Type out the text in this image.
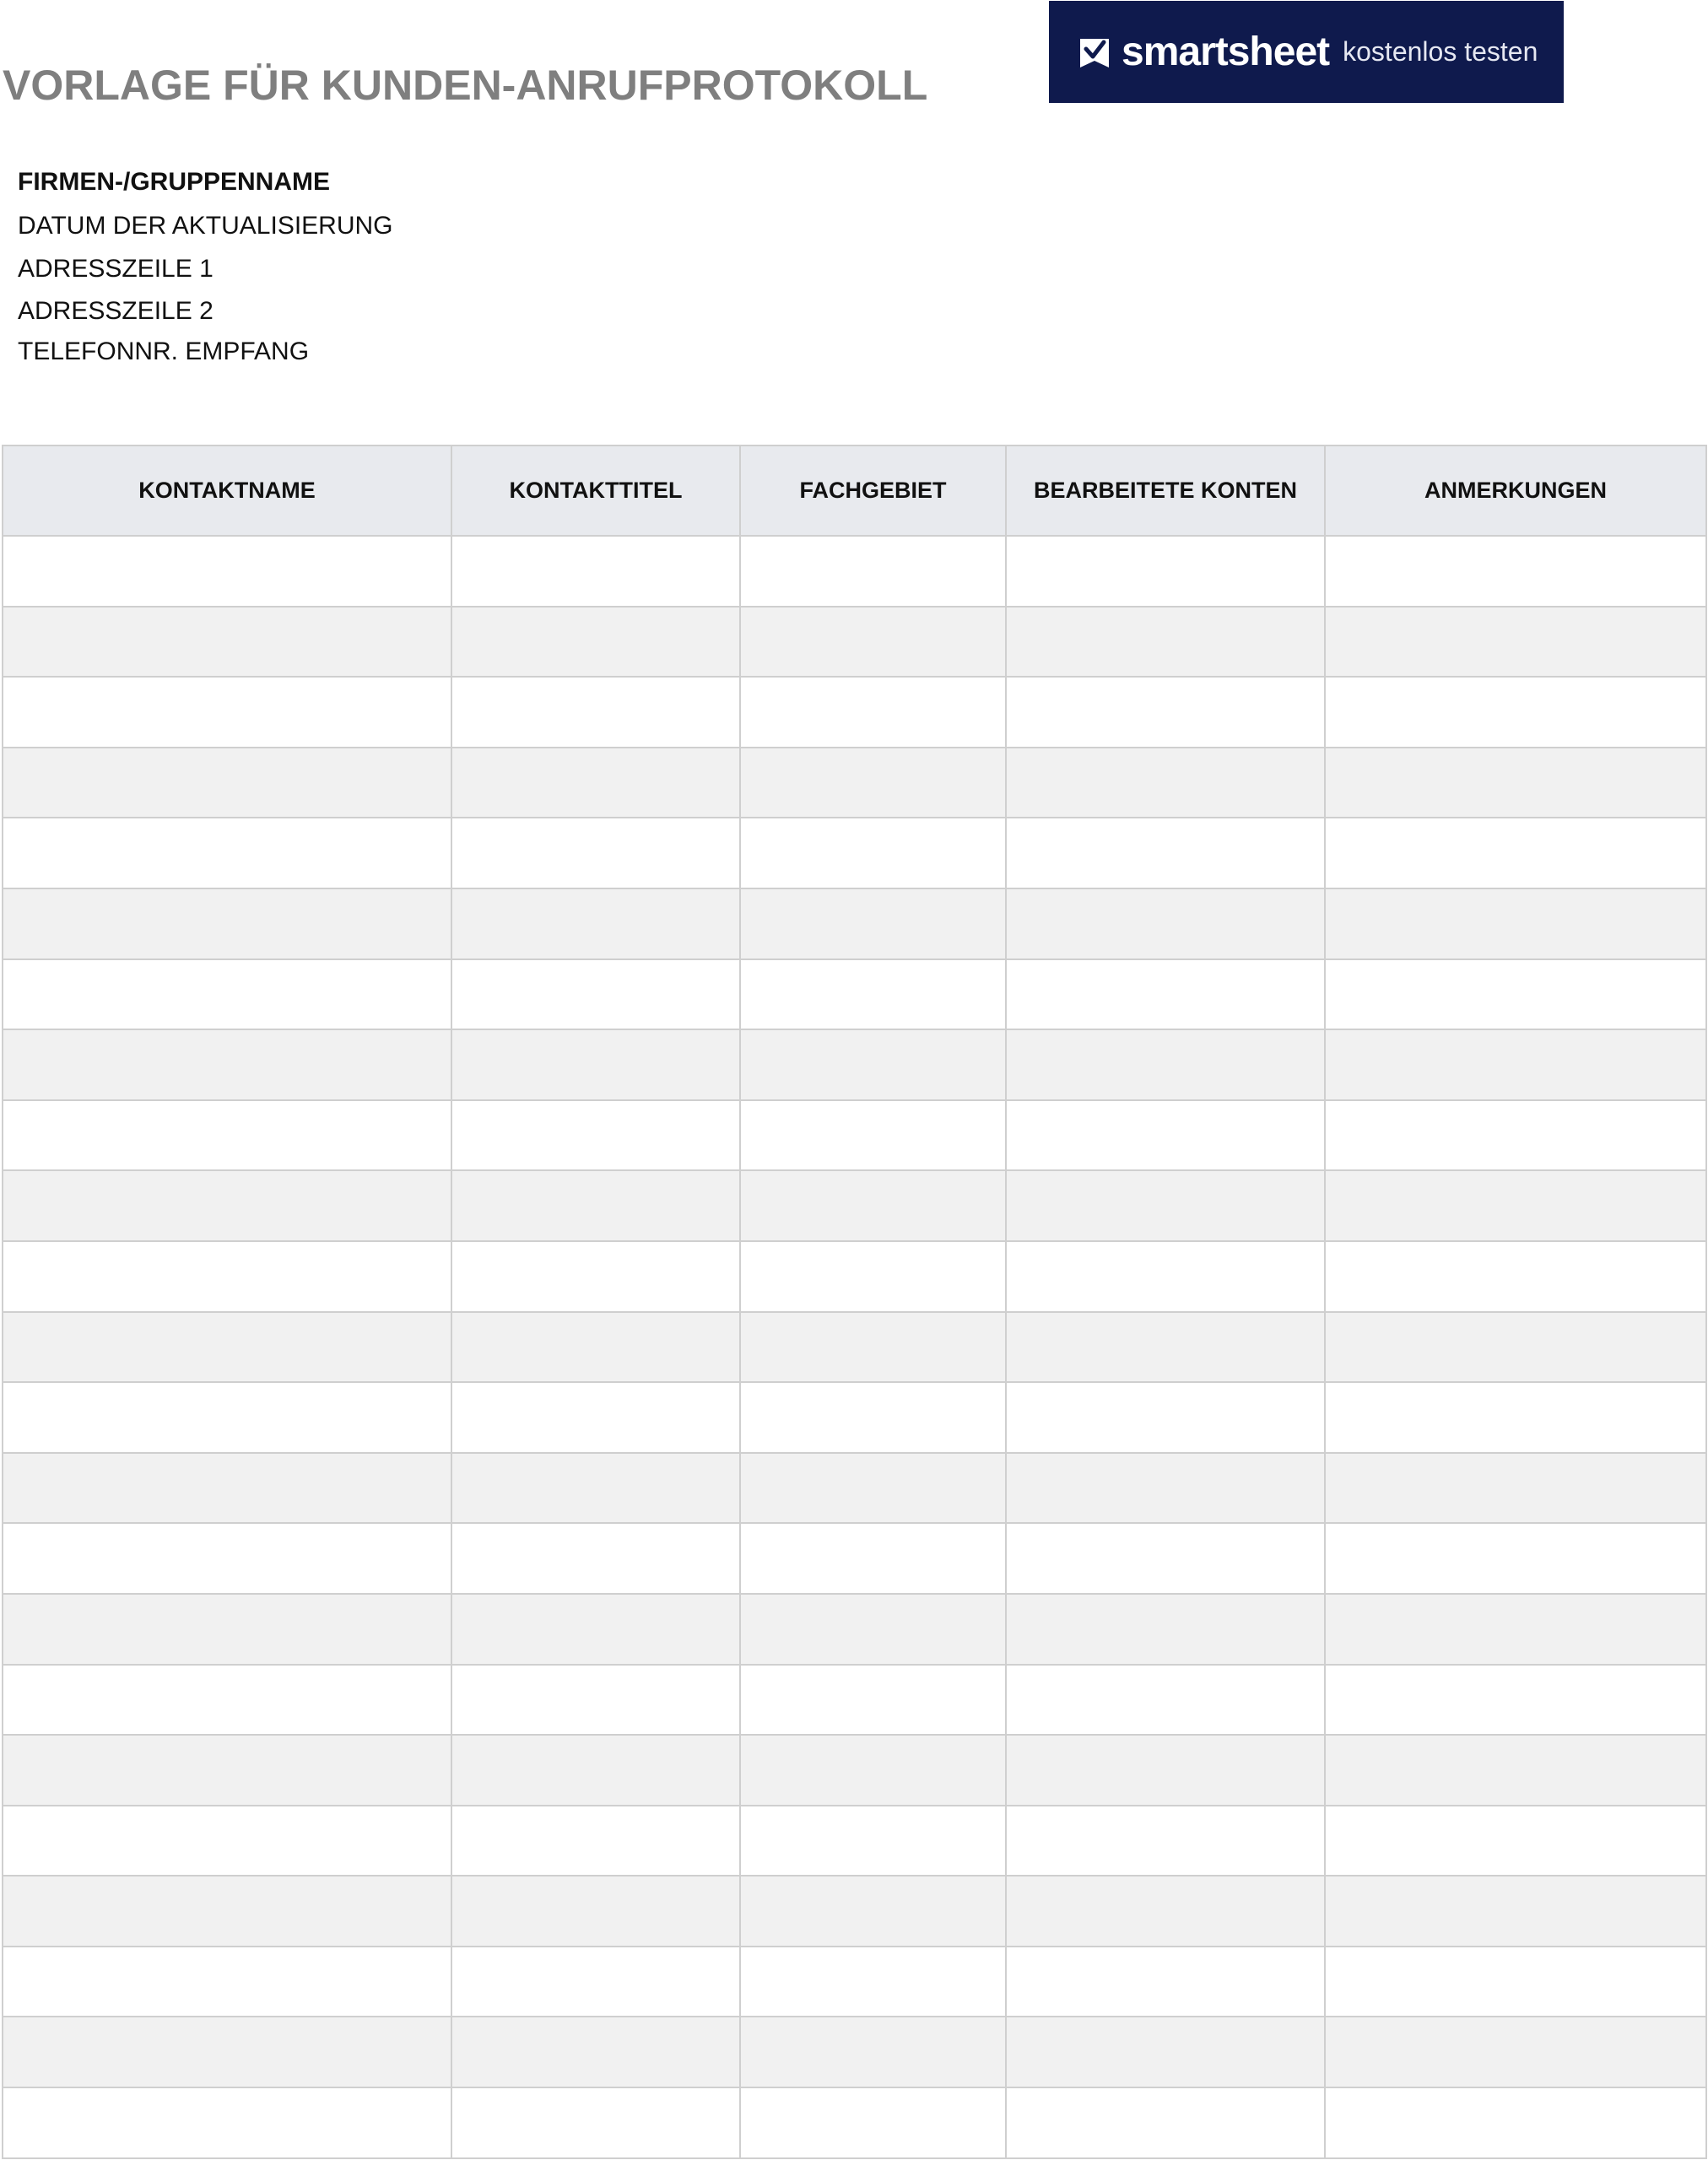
VORLAGE FÜR KUNDEN-ANRUFPROTOKOLL
smartsheet kostenlos testen
FIRMEN-/GRUPPENNAME
DATUM DER AKTUALISIERUNG
ADRESSZEILE 1
ADRESSZEILE 2
TELEFONNR. EMPFANG
KONTAKTNAME	KONTAKTTITEL	FACHGEBIET	BEARBEITETE KONTEN	ANMERKUNGEN
